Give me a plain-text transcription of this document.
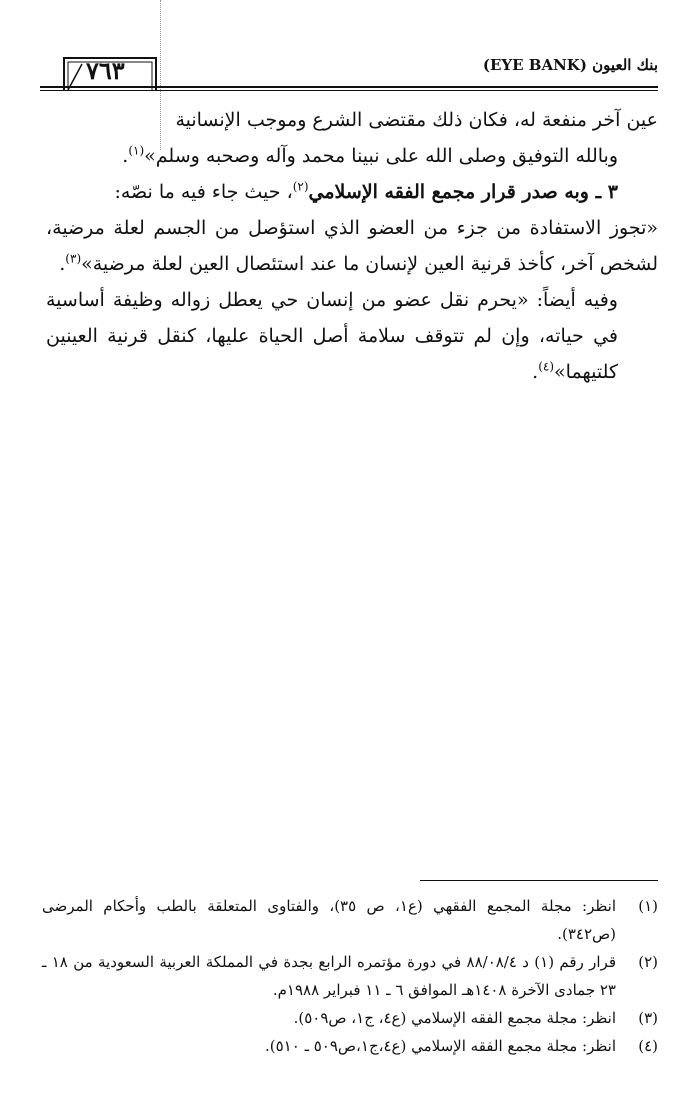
٧٦٣	بنك العيون (EYE BANK)

عين آخر منفعة له، فكان ذلك مقتضى الشرع وموجب الإنسانية

وبالله التوفيق وصلى الله على نبينا محمد وآله وصحبه وسلم»$^{(١)}$.

٣ ـ وبه صدر قرار مجمع الفقه الإسلامي$^{(٢)}$، حيث جاء فيه ما نصّه:

«تجوز الاستفادة من جزء من العضو الذي استؤصل من الجسم لعلة مرضية، لشخص آخر، كأخذ قرنية العين لإنسان ما عند استئصال العين لعلة مرضية»$^{(٣)}$.

وفيه أيضاً: «يحرم نقل عضو من إنسان حي يعطل زواله وظيفة أساسية في حياته، وإن لم تتوقف سلامة أصل الحياة عليها، كنقل قرنية العينين كلتيهما»$^{(٤)}$.

(١)
انظر: مجلة المجمع الفقهي (ع١، ص ٣٥)، والفتاوى المتعلقة بالطب وأحكام المرضى (ص٣٤٢).
(٢)
قرار رقم (١) د ٨٨/٠٨/٤ في دورة مؤتمره الرابع بجدة في المملكة العربية السعودية من ١٨ ـ ٢٣ جمادى الآخرة ١٤٠٨هـ الموافق ٦ ـ ١١ فبراير ١٩٨٨م.
(٣)
انظر: مجلة مجمع الفقه الإسلامي (ع٤، ج١، ص٥٠٩).
(٤)
انظر: مجلة مجمع الفقه الإسلامي (ع٤،ج١،ص٥٠٩ ـ ٥١٠).
